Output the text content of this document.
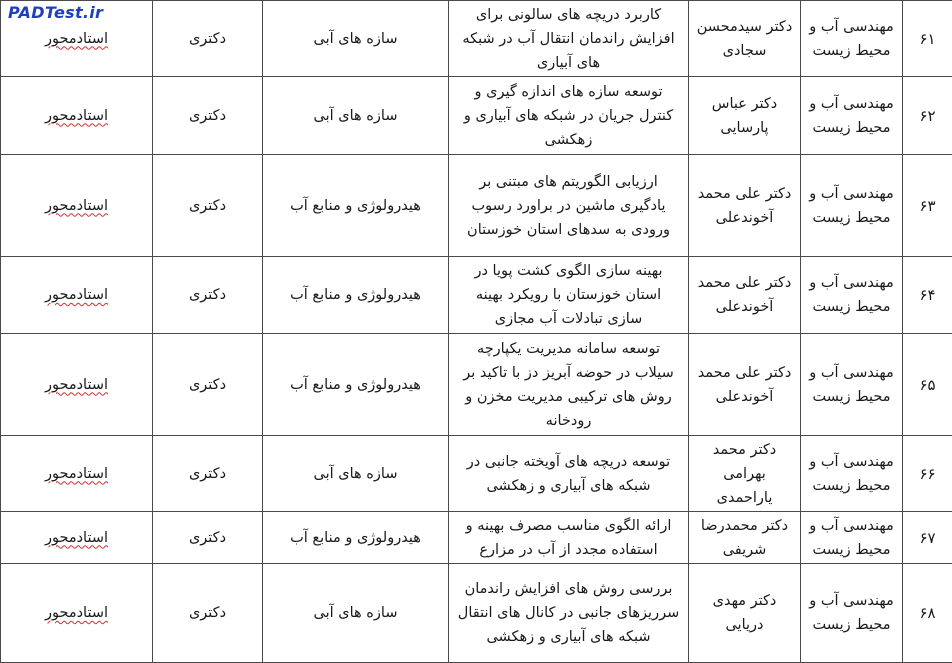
PADTest.ir
۶۱	مهندسی آب و محیط زیست	دکتر سیدمحسن سجادی	کاربرد دریچه های سالونی برای افزایش راندمان انتقال آب در شبکه های آبیاری	سازه های آبی	دکتری	استادمحور
۶۲	مهندسی آب و محیط زیست	دکتر عباس پارسایی	توسعه سازه های اندازه گیری و کنترل جریان در شبکه های آبیاری و زهکشی	سازه های آبی	دکتری	استادمحور
۶۳	مهندسی آب و محیط زیست	دکتر علی محمد آخوندعلی	ارزیابی الگوریتم های مبتنی بر یادگیری ماشین در براورد رسوب ورودی به سدهای استان خوزستان	هیدرولوژی و منابع آب	دکتری	استادمحور
۶۴	مهندسی آب و محیط زیست	دکتر علی محمد آخوندعلی	بهینه سازی الگوی کشت پویا در استان خوزستان با رویکرد بهینه سازی تبادلات آب مجازی	هیدرولوژی و منابع آب	دکتری	استادمحور
۶۵	مهندسی آب و محیط زیست	دکتر علی محمد آخوندعلی	توسعه سامانه مدیریت یکپارچه سیلاب در حوضه آبریز دز با تاکید بر روش های ترکیبی مدیریت مخزن و رودخانه	هیدرولوژی و منابع آب	دکتری	استادمحور
۶۶	مهندسی آب و محیط زیست	دکتر محمد بهرامی یاراحمدی	توسعه دریچه های آویخته جانبی در شبکه های آبیاری و زهکشی	سازه های آبی	دکتری	استادمحور
۶۷	مهندسی آب و محیط زیست	دکتر محمدرضا شریفی	ارائه الگوی مناسب مصرف بهینه و استفاده مجدد از آب در مزارع	هیدرولوژی و منابع آب	دکتری	استادمحور
۶۸	مهندسی آب و محیط زیست	دکتر مهدی دریایی	بررسی روش های افزایش راندمان سرریزهای جانبی در کانال های انتقال شبکه های آبیاری و زهکشی	سازه های آبی	دکتری	استادمحور
